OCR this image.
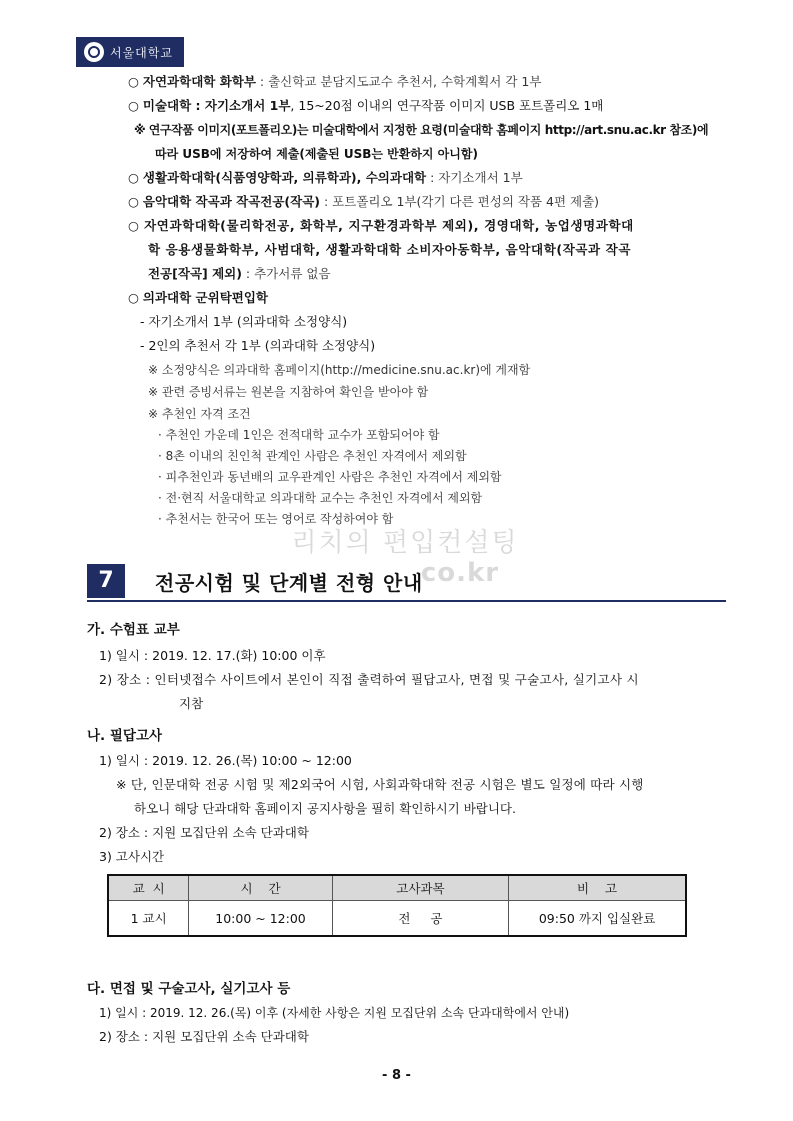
서울대학교
○ 자연과학대학 화학부 : 출신학교 분담지도교수 추천서, 수학계획서 각 1부
○ 미술대학 : 자기소개서 1부, 15~20점 이내의 연구작품 이미지 USB 포트폴리오 1매
※ 연구작품 이미지(포트폴리오)는 미술대학에서 지정한 요령(미술대학 홈페이지 http://art.snu.ac.kr 참조)에
따라 USB에 저장하여 제출(제출된 USB는 반환하지 아니함)
○ 생활과학대학(식품영양학과, 의류학과), 수의과대학 : 자기소개서 1부
○ 음악대학 작곡과 작곡전공(작곡) : 포트폴리오 1부(각기 다른 편성의 작품 4편 제출)
○ 자연과학대학(물리학전공, 화학부, 지구환경과학부 제외), 경영대학, 농업생명과학대
학 응용생물화학부, 사범대학, 생활과학대학 소비자아동학부, 음악대학(작곡과 작곡
전공[작곡] 제외) : 추가서류 없음
○ 의과대학 군위탁편입학
- 자기소개서 1부 (의과대학 소정양식)
- 2인의 추천서 각 1부 (의과대학 소정양식)
※ 소정양식은 의과대학 홈페이지(http://medicine.snu.ac.kr)에 게재함
※ 관련 증빙서류는 원본을 지참하여 확인을 받아야 함
※ 추천인 자격 조건
· 추천인 가운데 1인은 전적대학 교수가 포함되어야 함
· 8촌 이내의 친인척 관계인 사람은 추천인 자격에서 제외함
· 피추천인과 동년배의 교우관계인 사람은 추천인 자격에서 제외함
· 전·현직 서울대학교 의과대학 교수는 추천인 자격에서 제외함
· 추천서는 한국어 또는 영어로 작성하여야 함
리치의 편입컨설팅
co.kr
7	전공시험 및 단계별 전형 안내
가. 수험표 교부
1) 일시 : 2019. 12. 17.(화) 10:00 이후
2) 장소 : 인터넷접수 사이트에서 본인이 직접 출력하여 필답고사, 면접 및 구술고사, 실기고사 시
지참
나. 필답고사
1) 일시 : 2019. 12. 26.(목) 10:00 ~ 12:00
※ 단, 인문대학 전공 시험 및 제2외국어 시험, 사회과학대학 전공 시험은 별도 일정에 따라 시행
하오니 해당 단과대학 홈페이지 공지사항을 필히 확인하시기 바랍니다.
2) 장소 : 지원 모집단위 소속 단과대학
3) 고사시간
교  시	시    간	고사과목	비    고
1 교시	10:00 ~ 12:00	전     공	09:50 까지 입실완료
다. 면접 및 구술고사, 실기고사 등
1) 일시 : 2019. 12. 26.(목) 이후 (자세한 사항은 지원 모집단위 소속 단과대학에서 안내)
2) 장소 : 지원 모집단위 소속 단과대학
- 8 -
